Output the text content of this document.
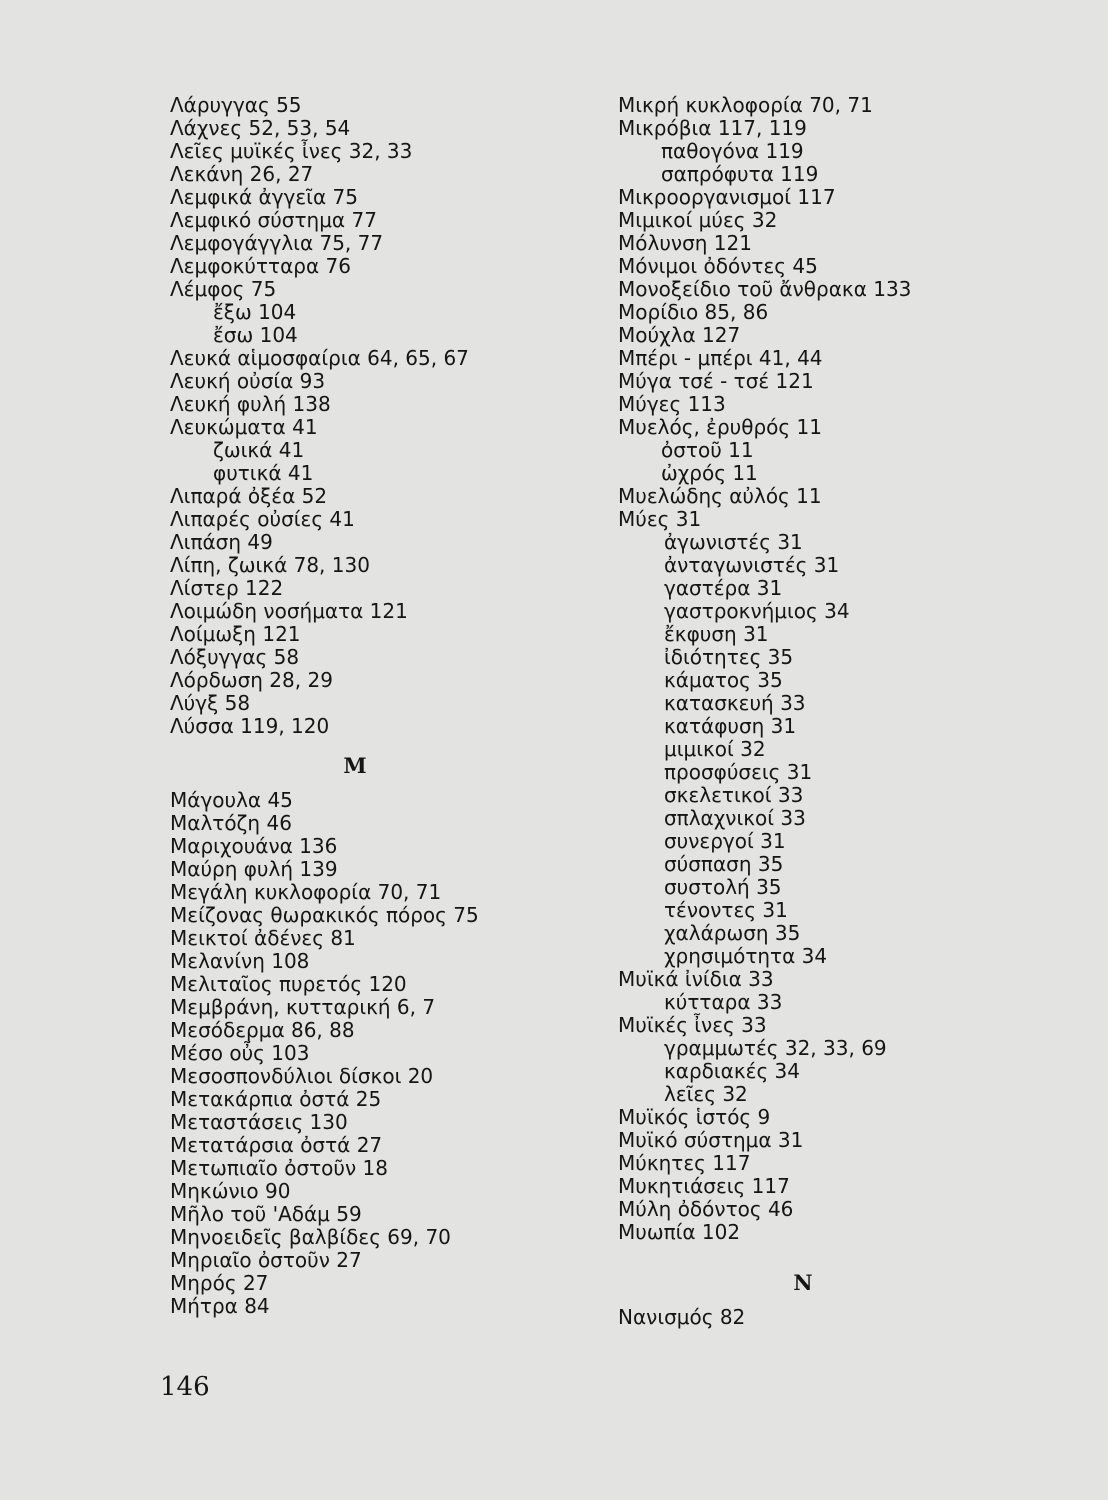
Λάρυγγας 55
Λάχνες 52, 53, 54
Λεῖες μυϊκές ἶνες 32, 33
Λεκάνη 26, 27
Λεμφικά ἀγγεῖα 75
Λεμφικό σύστημα 77
Λεμφογάγγλια 75, 77
Λεμφοκύτταρα 76
Λέμφος 75
ἔξω 104
ἔσω 104
Λευκά αἱμοσφαίρια 64, 65, 67
Λευκή οὐσία 93
Λευκή φυλή 138
Λευκώματα 41
ζωικά 41
φυτικά 41
Λιπαρά ὀξέα 52
Λιπαρές οὐσίες 41
Λιπάση 49
Λίπη, ζωικά 78, 130
Λίστερ 122
Λοιμώδη νοσήματα 121
Λοίμωξη 121
Λόξυγγας 58
Λόρδωση 28, 29
Λύγξ 58
Λύσσα 119, 120
Μ
Μάγουλα 45
Μαλτόζη 46
Μαριχουάνα 136
Μαύρη φυλή 139
Μεγάλη κυκλοφορία 70, 71
Μείζονας θωρακικός πόρος 75
Μεικτοί ἀδένες 81
Μελανίνη 108
Μελιταῖος πυρετός 120
Μεμβράνη, κυτταρική 6, 7
Μεσόδερμα 86, 88
Μέσο οὖς 103
Μεσοσπονδύλιοι δίσκοι 20
Μετακάρπια ὀστά 25
Μεταστάσεις 130
Μετατάρσια ὀστά 27
Μετωπιαῖο ὀστοῦν 18
Μηκώνιο 90
Μῆλο τοῦ 'Αδάμ 59
Μηνοειδεῖς βαλβίδες 69, 70
Μηριαῖο ὀστοῦν 27
Μηρός 27
Μήτρα 84
Μικρή κυκλοφορία 70, 71
Μικρόβια 117, 119
παθογόνα 119
σαπρόφυτα 119
Μικροοργανισμοί 117
Μιμικοί μύες 32
Μόλυνση 121
Μόνιμοι ὀδόντες 45
Μονοξείδιο τοῦ ἄνθρακα 133
Μορίδιο 85, 86
Μούχλα 127
Μπέρι - μπέρι 41, 44
Μύγα τσέ - τσέ 121
Μύγες 113
Μυελός, ἐρυθρός 11
ὀστοῦ 11
ὠχρός 11
Μυελώδης αὐλός 11
Μύες 31
ἀγωνιστές 31
ἀνταγωνιστές 31
γαστέρα 31
γαστροκνήμιος 34
ἔκφυση 31
ἰδιότητες 35
κάματος 35
κατασκευή 33
κατάφυση 31
μιμικοί 32
προσφύσεις 31
σκελετικοί 33
σπλαχνικοί 33
συνεργοί 31
σύσπαση 35
συστολή 35
τένοντες 31
χαλάρωση 35
χρησιμότητα 34
Μυϊκά ἰνίδια 33
κύτταρα 33
Μυϊκές ἶνες 33
γραμμωτές 32, 33, 69
καρδιακές 34
λεῖες 32
Μυϊκός ἱστός 9
Μυϊκό σύστημα 31
Μύκητες 117
Μυκητιάσεις 117
Μύλη ὀδόντος 46
Μυωπία 102
Ν
Νανισμός 82
146
